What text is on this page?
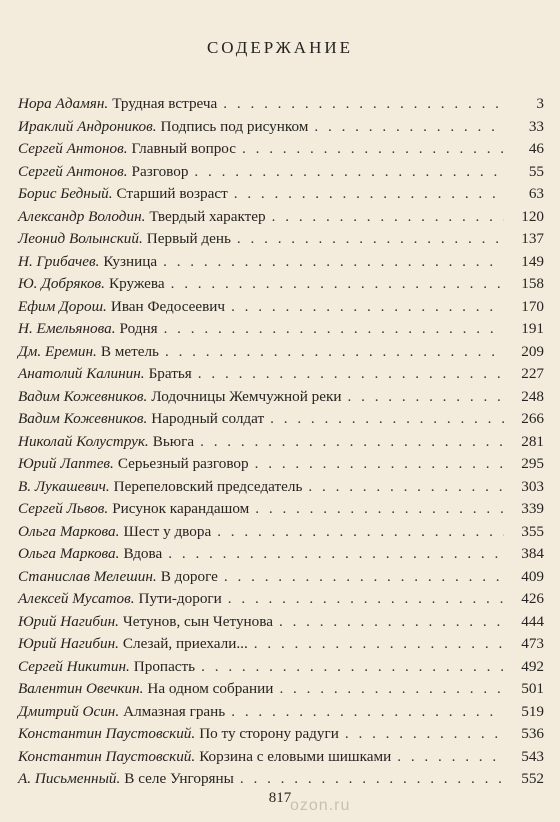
СОДЕРЖАНИЕ
Нора Адамян. Трудная встреча . . .	3
Ираклий Андроников. Подпись под рисунком . . .	33
Сергей Антонов. Главный вопрос . . .	46
Сергей Антонов. Разговор . . .	55
Борис Бедный. Старший возраст . . .	63
Александр Володин. Твердый характер . . .	120
Леонид Волынский. Первый день . . .	137
Н. Грибачев. Кузница . . .	149
Ю. Добряков. Кружева . . .	158
Ефим Дорош. Иван Федосеевич . . .	170
Н. Емельянова. Родня . . .	191
Дм. Еремин. В метель . . .	209
Анатолий Калинин. Братья . . .	227
Вадим Кожевников. Лодочницы Жемчужной реки . . .	248
Вадим Кожевников. Народный солдат . . .	266
Николай Колуструк. Вьюга . . .	281
Юрий Лаптев. Серьезный разговор . . .	295
В. Лукашевич. Перепеловский председатель . . .	303
Сергей Львов. Рисунок карандашом . . .	339
Ольга Маркова. Шест у двора . . .	355
Ольга Маркова. Вдова . . .	384
Станислав Мелешин. В дороге . . .	409
Алексей Мусатов. Пути-дороги . . .	426
Юрий Нагибин. Четунов, сын Четунова . . .	444
Юрий Нагибин. Слезай, приехали... . . .	473
Сергей Никитин. Пропасть . . .	492
Валентин Овечкин. На одном собрании . . .	501
Дмитрий Осин. Алмазная грань . . .	519
Константин Паустовский. По ту сторону радуги . . .	536
Константин Паустовский. Корзина с еловыми шишками . . .	543
А. Письменный. В селе Унгоряны . . .	552
817
ozon.ru
